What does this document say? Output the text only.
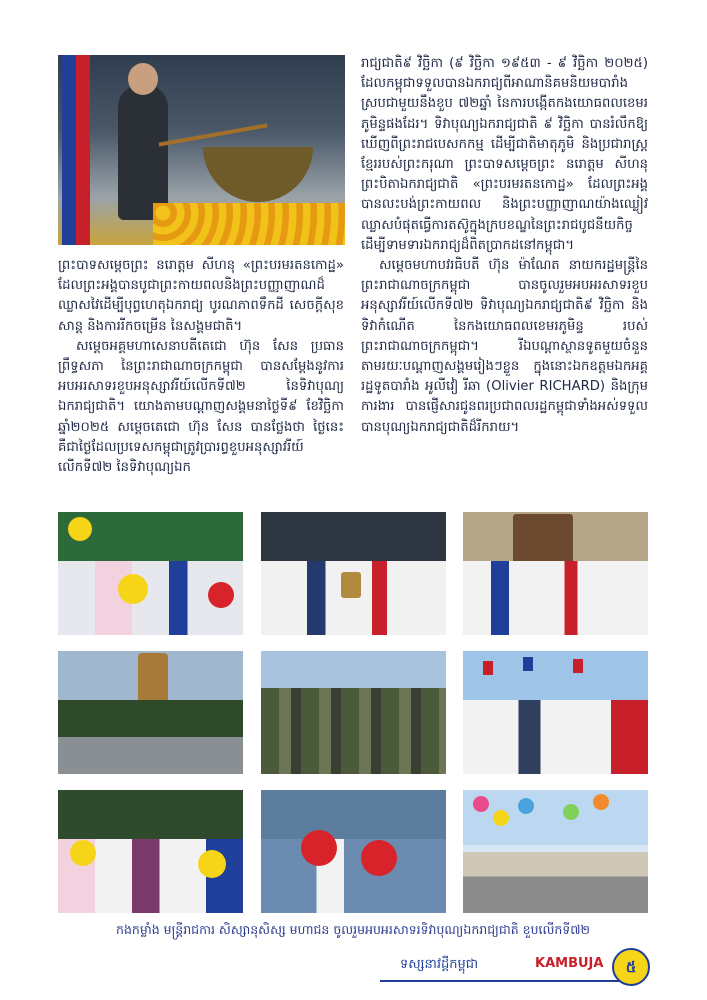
ព្រះបាទសម្ដេចព្រះ នរោត្តម សីហនុ «ព្រះបរមរតនកោដ្ឋ» ដែលព្រះអង្គបានបូជាព្រះកាយពលនិងព្រះបញ្ញាញាណដ៏ឈ្លាសវៃដើម្បីបុព្វហេតុឯករាជ្យ បូរណភាពទឹកដី សេចក្ដីសុខសាន្ដ និងការរីកចម្រើន នៃសង្គមជាតិ។

សម្ដេចអគ្គមហាសេនាបតីតេជោ ហ៊ុន សែន ប្រធានព្រឹទ្ធសភា នៃព្រះរាជាណាចក្រកម្ពុជា បានសម្ដែងនូវការអបអរសាទរខួបអនុស្សាវរីយ៍លើកទី៧២ នៃទិវាបុណ្យឯករាជ្យជាតិ។ យោងតាមបណ្ដាញសង្គមនាថ្ងៃទី៩ ខែវិច្ឆិកា ឆ្នាំ២០២៥ សម្ដេចតេជោ ហ៊ុន សែន បានថ្លែងថា ថ្ងៃនេះ គឺជាថ្ងៃដែលប្រទេសកម្ពុជាត្រូវប្រារព្ធខួបអនុស្សាវរីយ៍លើកទី៧២ នៃទិវាបុណ្យឯក

រាជ្យជាតិ៩ វិច្ឆិកា (៩ វិច្ឆិកា ១៩៥៣ - ៩ វិច្ឆិកា ២០២៥) ដែលកម្ពុជាទទួលបានឯករាជ្យពីអាណានិគមនិយមបារាំង ស្របជាមួយនឹងខួប ៧២ឆ្នាំ នៃការបង្កើតកងយោធពលខេមរភូមិន្ទផងដែរ។ ទិវាបុណ្យឯករាជ្យជាតិ ៩ វិច្ឆិកា បានរំលឹកឱ្យឃើញពីព្រះរាជបេសកកម្ម ដើម្បីជាតិមាតុភូមិ និងប្រជារាស្ត្រខ្មែររបស់ព្រះករុណា ព្រះបាទសម្ដេចព្រះ នរោត្តម សីហនុ ព្រះបិតាឯករាជ្យជាតិ «ព្រះបរមរតនកោដ្ឋ» ដែលព្រះអង្គបានលះបង់ព្រះកាយពល និងព្រះបញ្ញាញាណយ៉ាងឈ្លៀវឈ្លាសបំផុតធ្វើការតស៊ូក្នុងក្របខណ្ឌនៃព្រះរាជបូជនីយកិច្ច ដើម្បីទាមទារឯករាជ្យដ៏ពិតប្រាកដនៅកម្ពុជា។

សម្ដេចមហាបវរធិបតី ហ៊ុន ម៉ាណែត នាយករដ្ឋមន្ត្រីនៃព្រះរាជាណាចក្រកម្ពុជា បានចូលរួមអបអរសាទរខួបអនុស្សាវរីយ៍លើកទី៧២ ទិវាបុណ្យឯករាជ្យជាតិ៩ វិច្ឆិកា និងទិវាកំណើត នៃកងយោធពលខេមរភូមិន្ទ របស់ព្រះរាជាណាចក្រកម្ពុជា។ រីឯបណ្ដាស្ថានទូតមួយចំនួនតាមរយៈបណ្ដាញសង្គមរៀងៗខ្លួន ក្នុងនោះឯកឧត្ដមឯកអគ្គរដ្ឋទូតបារាំង អូលីវៀ រីឆា (Olivier RICHARD) និងក្រុមការងារ បានផ្ញើសារជូនពរប្រជាពលរដ្ឋកម្ពុជាទាំងអស់ទទួលបានបុណ្យឯករាជ្យជាតិដ៏រីករាយ។

កងកម្លាំង មន្ត្រីរាជការ សិស្សានុសិស្ស មហាជន ចូលរួមអបអរសាទរទិវាបុណ្យឯករាជ្យជាតិ ខួបលើកទី៧២
ទស្សនាវដ្ដីកម្ពុជា	KAMBUJA	៥
